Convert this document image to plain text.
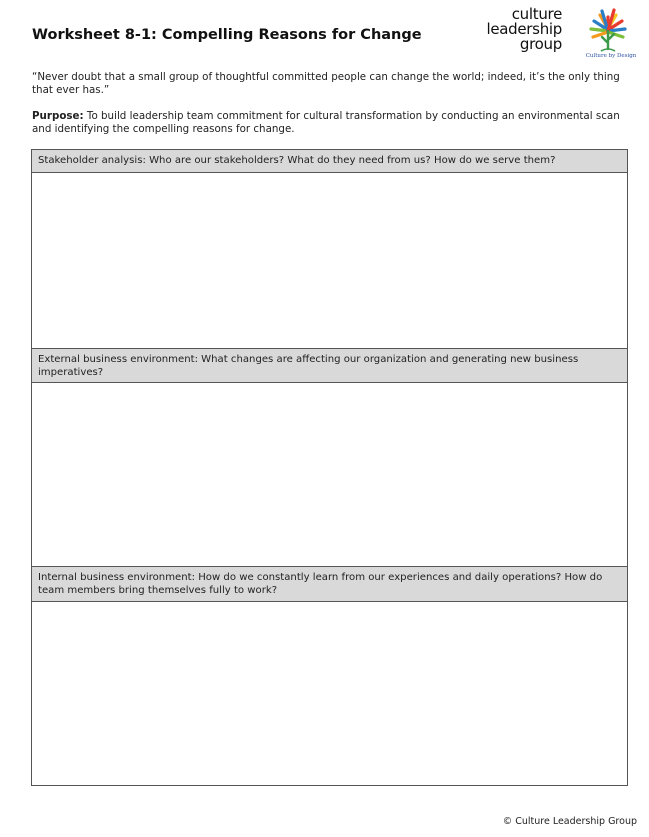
Worksheet 8-1: Compelling Reasons for Change
culture
leadership
group
Culture by Design
“Never doubt that a small group of thoughtful committed people can change the world; indeed, it’s the only thing that ever has.”
Purpose: To build leadership team commitment for cultural transformation by conducting an environmental scan and identifying the compelling reasons for change.
Stakeholder analysis: Who are our stakeholders? What do they need from us? How do we serve them?
External business environment: What changes are affecting our organization and generating new business imperatives?
Internal business environment: How do we constantly learn from our experiences and daily operations? How do team members bring themselves fully to work?
© Culture Leadership Group
